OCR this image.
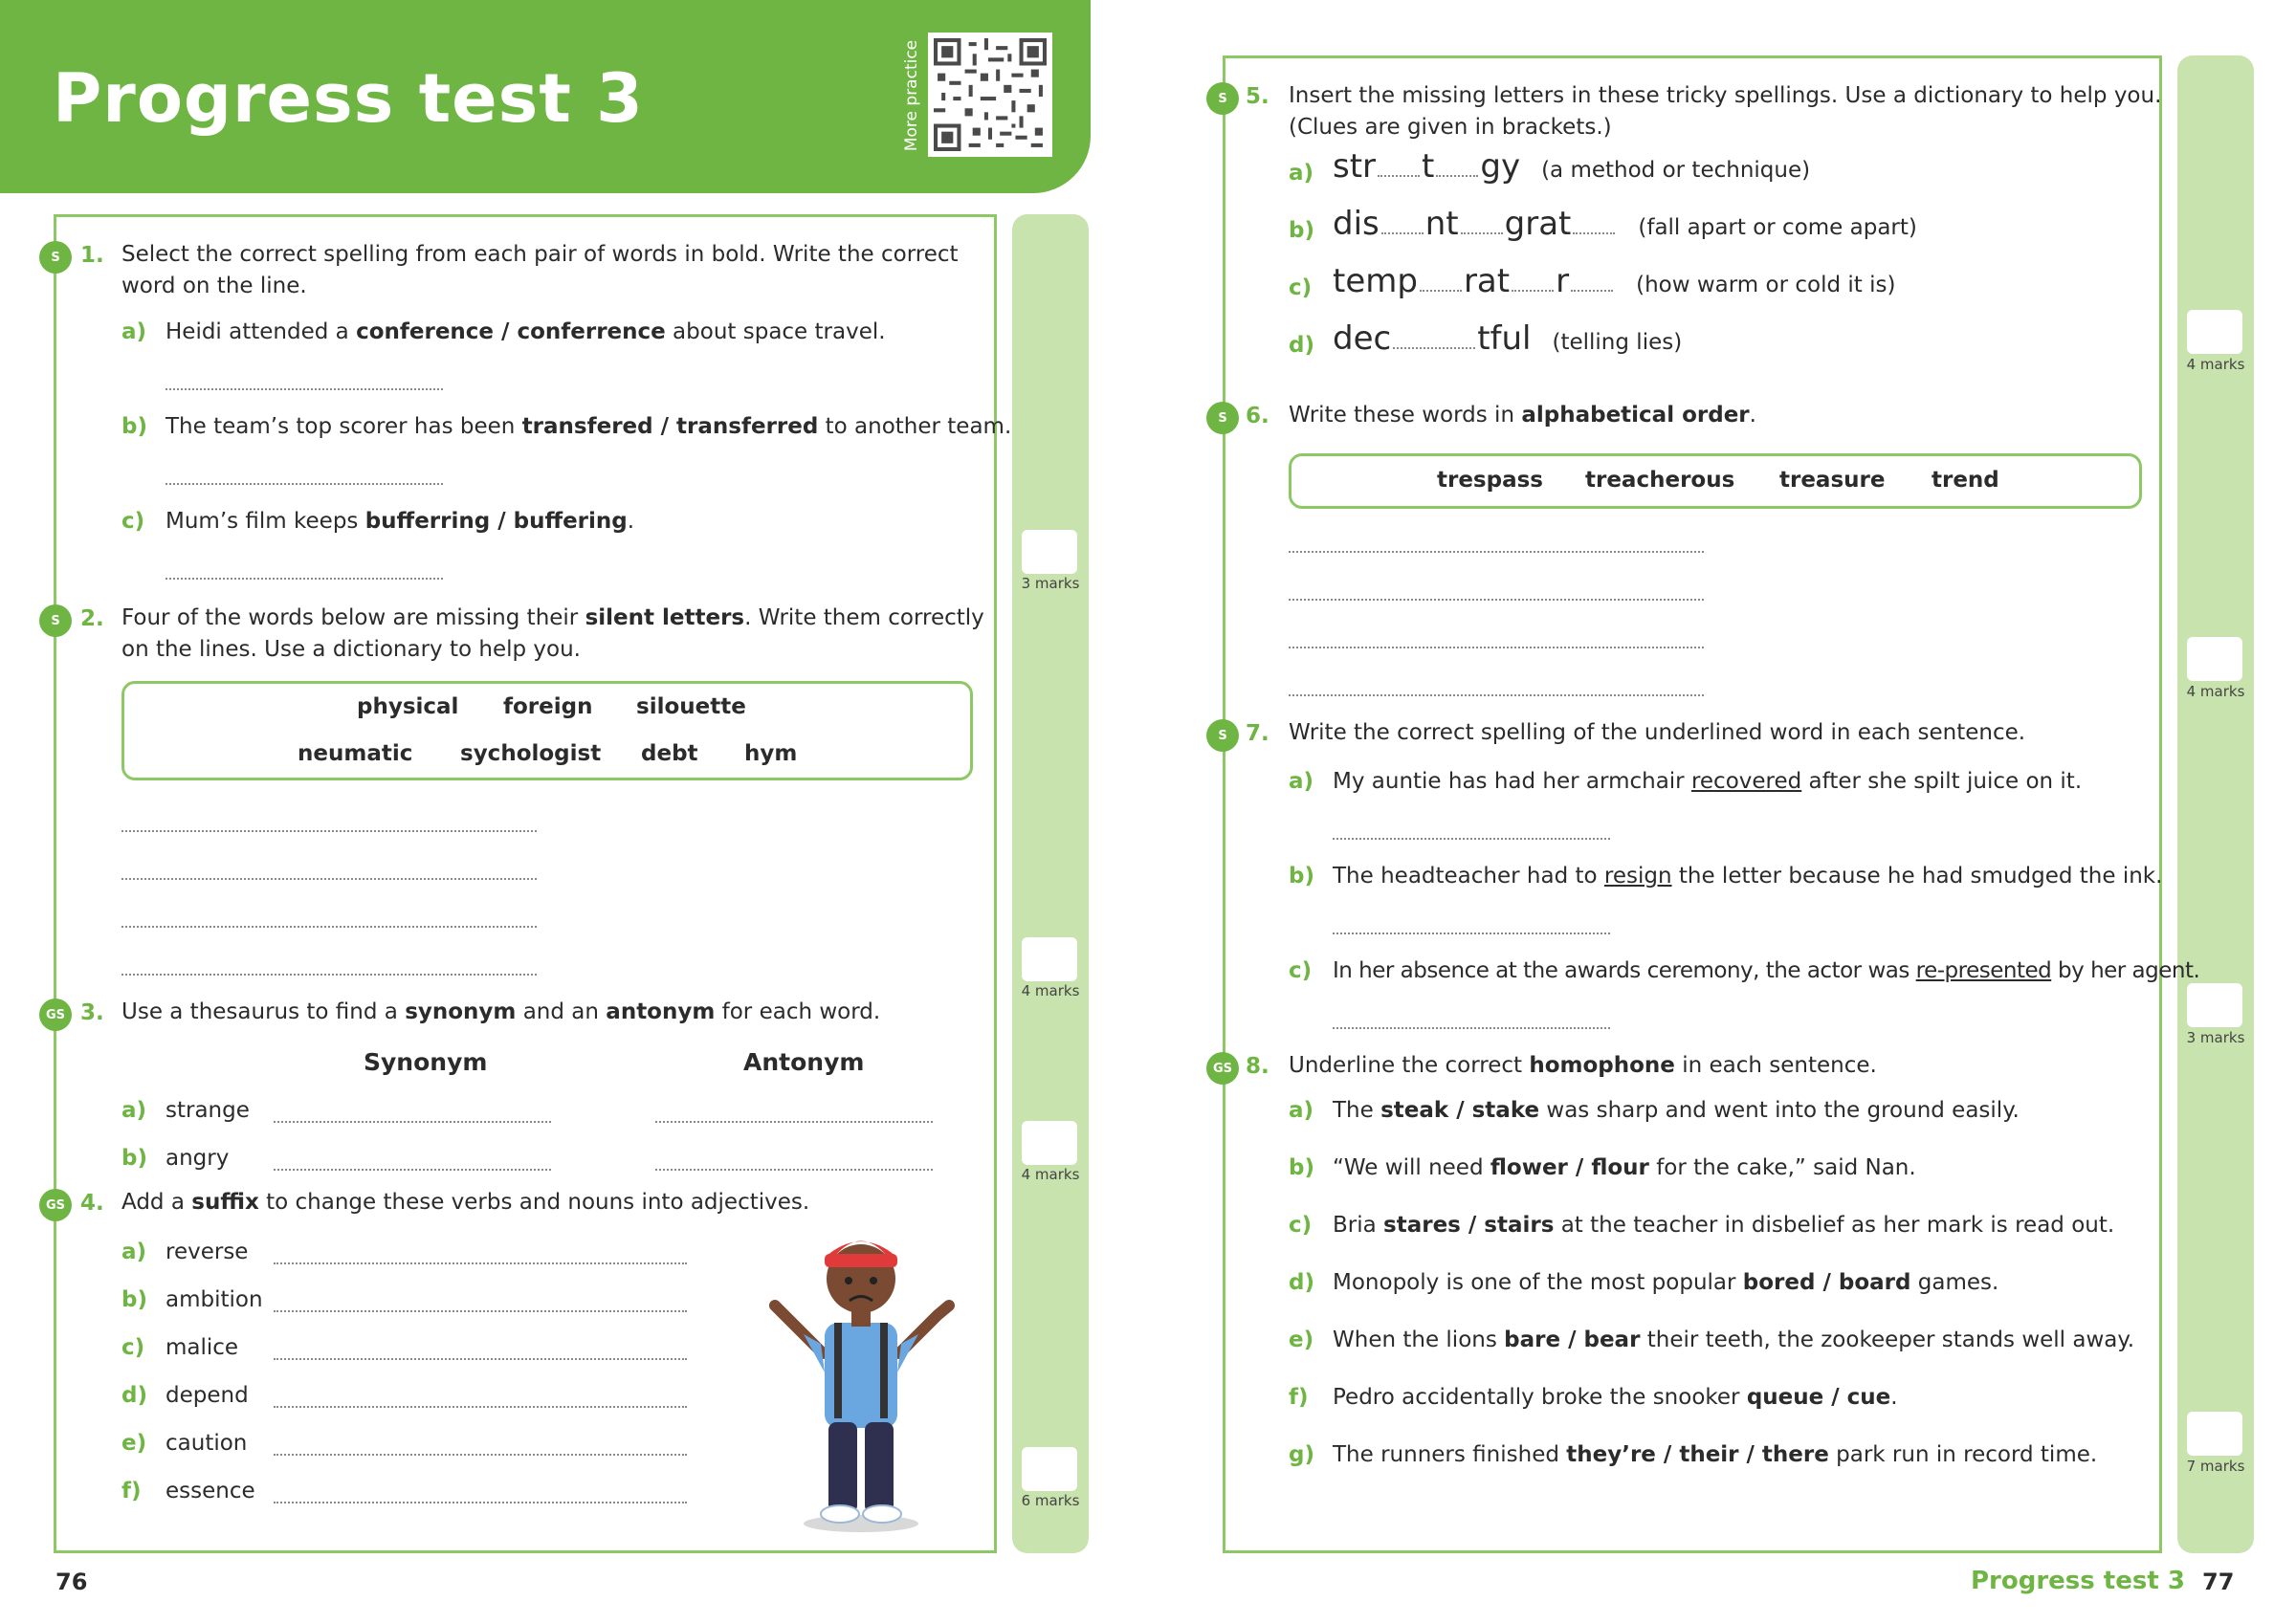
Progress test 3	More practice
3 marks
4 marks
4 marks
6 marks
S 1. Select the correct spelling from each pair of words in bold. Write the correct
word on the line.
a) Heidi attended a conference / conferrence about space travel.
b) The team’s top scorer has been transfered / transferred to another team.
c) Mum’s film keeps bufferring / buffering.
S 2. Four of the words below are missing their silent letters. Write them correctly
on the lines. Use a dictionary to help you.
physical foreign silouette
neumatic sychologist debt hym
GS 3. Use a thesaurus to find a synonym and an antonym for each word.
Synonym	Antonym
a) strange
b) angry
GS 4. Add a suffix to change these verbs and nouns into adjectives.
a) reverse
b) ambition
c) malice
d) depend
e) caution
f) essence
76
4 marks
4 marks
3 marks
7 marks
S 5. Insert the missing letters in these tricky spellings. Use a dictionary to help you.
(Clues are given in brackets.)
a) str t gy (a method or technique)
b) dis nt grat	(fall apart or come apart)
c) temp rat r	(how warm or cold it is)
d) dec	tful (telling lies)
S 6. Write these words in alphabetical order.
trespass treacherous treasure trend
S 7. Write the correct spelling of the underlined word in each sentence.
a) My auntie has had her armchair recovered after she spilt juice on it.
b) The headteacher had to resign the letter because he had smudged the ink.
c) In her absence at the awards ceremony, the actor was re-presented by her agent.
GS 8. Underline the correct homophone in each sentence.
a) The steak / stake was sharp and went into the ground easily.
b) “We will need flower / flour for the cake,” said Nan.
c) Bria stares / stairs at the teacher in disbelief as her mark is read out.
d) Monopoly is one of the most popular bored / board games.
e) When the lions bare / bear their teeth, the zookeeper stands well away.
f) Pedro accidentally broke the snooker queue / cue.
g) The runners finished they’re / their / there park run in record time.
Progress test 3 77
